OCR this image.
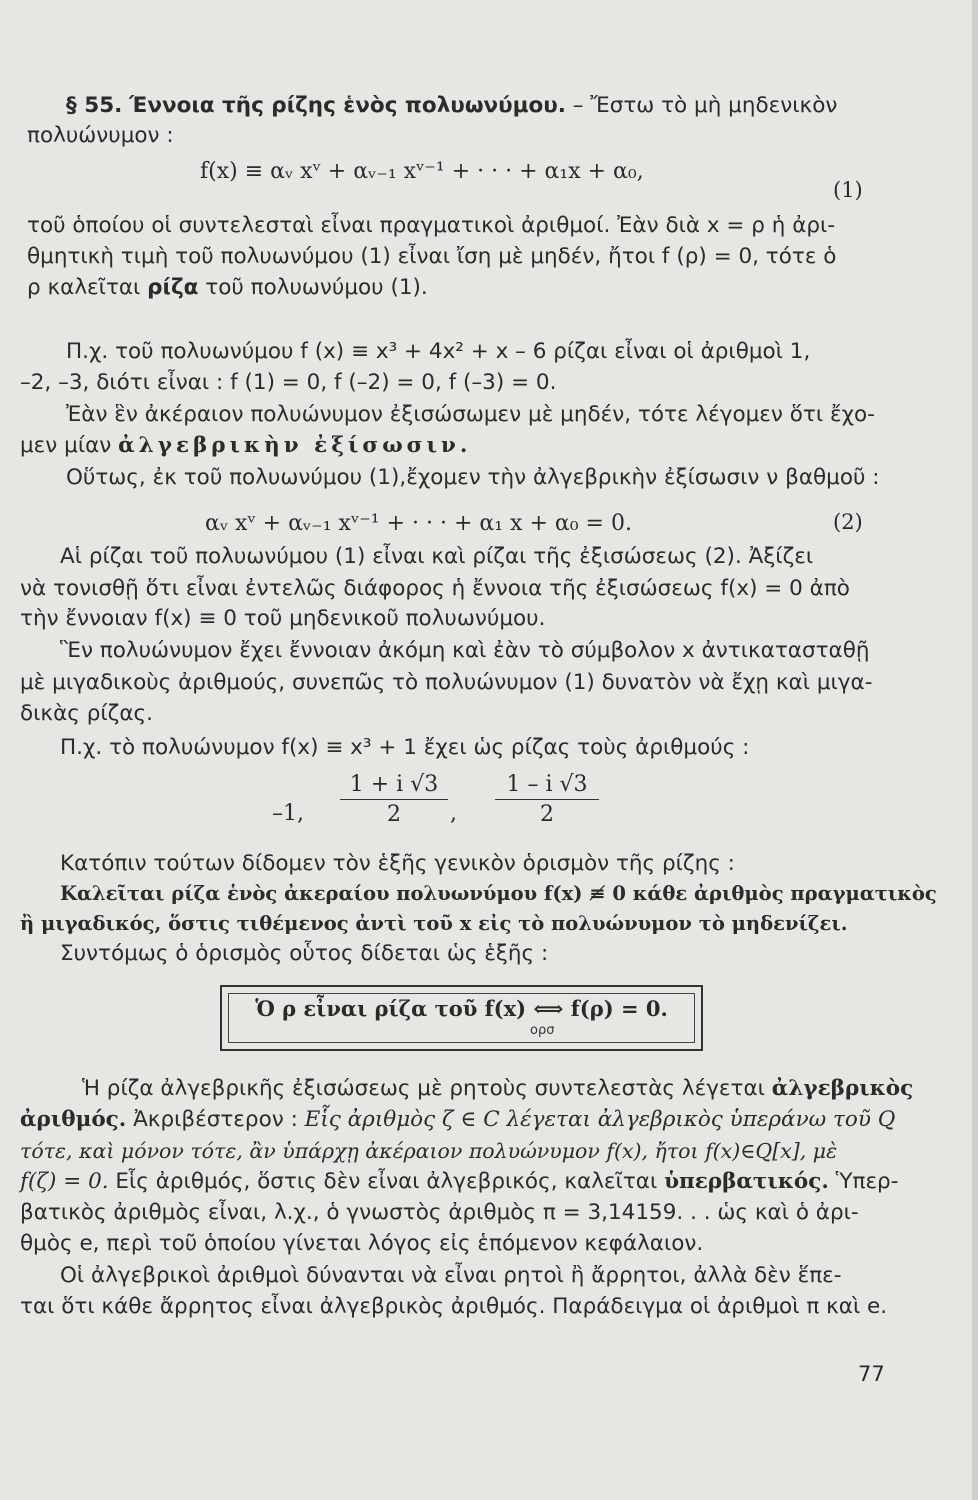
§ 55. Έννοια τῆς ρίζης ἑνὸς πολυωνύμου. – Ἔστω τὸ μὴ μηδενικὸν
πολυώνυμον :
f(x) ≡ αᵥ xᵛ + αᵥ₋₁ xᵛ⁻¹ + · · · + α₁x + α₀,
(1)
τοῦ ὁποίου οἱ συντελεσταὶ εἶναι πραγματικοὶ ἀριθμοί. Ἐὰν διὰ x = ρ ἡ ἀρι-
θμητικὴ τιμὴ τοῦ πολυωνύμου (1) εἶναι ἴση μὲ μηδέν, ἤτοι f (ρ) = 0, τότε ὁ
ρ καλεῖται ρίζα τοῦ πολυωνύμου (1).
Π.χ. τοῦ πολυωνύμου f (x) ≡ x³ + 4x² + x – 6 ρίζαι εἶναι οἱ ἀριθμοὶ 1,
–2, –3, διότι εἶναι : f (1) = 0, f (–2) = 0, f (–3) = 0.
Ἐὰν ἓν ἀκέραιον πολυώνυμον ἐξισώσωμεν μὲ μηδέν, τότε λέγομεν ὅτι ἔχο-
μεν μίαν ἀλγεβρικὴν ἐξίσωσιν.
Οὕτως, ἐκ τοῦ πολυωνύμου (1),ἔχομεν τὴν ἀλγεβρικὴν ἐξίσωσιν ν βαθμοῦ :
αᵥ xᵛ + αᵥ₋₁ xᵛ⁻¹ + · · · + α₁ x + α₀ = 0.	(2)
Αἱ ρίζαι τοῦ πολυωνύμου (1) εἶναι καὶ ρίζαι τῆς ἐξισώσεως (2). Ἀξίζει
νὰ τονισθῇ ὅτι εἶναι ἐντελῶς διάφορος ἡ ἔννοια τῆς ἐξισώσεως f(x) = 0 ἀπὸ
τὴν ἔννοιαν f(x) ≡ 0 τοῦ μηδενικοῦ πολυωνύμου.
Ἓν πολυώνυμον ἔχει ἔννοιαν ἀκόμη καὶ ἐὰν τὸ σύμβολον x ἀντικατασταθῇ
μὲ μιγαδικοὺς ἀριθμούς, συνεπῶς τὸ πολυώνυμον (1) δυνατὸν νὰ ἔχῃ καὶ μιγα-
δικὰς ρίζας.
Π.χ. τὸ πολυώνυμον f(x) ≡ x³ + 1 ἔχει ὡς ρίζας τοὺς ἀριθμούς :
–1,
1 + i √3
2	,
1 – i √3
2
Κατόπιν τούτων δίδομεν τὸν ἑξῆς γενικὸν ὁρισμὸν τῆς ρίζης :
Καλεῖται ρίζα ἑνὸς ἀκεραίου πολυωνύμου f(x) ≢ 0 κάθε ἀριθμὸς πραγματικὸς
ἢ μιγαδικός, ὅστις τιθέμενος ἀντὶ τοῦ x εἰς τὸ πολυώνυμον τὸ μηδενίζει.
Συντόμως ὁ ὁρισμὸς οὗτος δίδεται ὡς ἑξῆς :
Ὁ ρ εἶναι ρίζα τοῦ f(x) ⟺ f(ρ) = 0.
ορσ
Ἡ ρίζα ἀλγεβρικῆς ἐξισώσεως μὲ ρητοὺς συντελεστὰς λέγεται ἀλγεβρικὸς
ἀριθμός. Ἀκριβέστερον : Εἷς ἀριθμὸς ζ ∈ C λέγεται ἀλγεβρικὸς ὑπεράνω τοῦ Q
τότε, καὶ μόνον τότε, ἂν ὑπάρχῃ ἀκέραιον πολυώνυμον f(x), ἤτοι f(x)∈Q[x], μὲ
f(ζ) = 0. Εἷς ἀριθμός, ὅστις δὲν εἶναι ἀλγεβρικός, καλεῖται ὑπερβατικός. Ὑπερ-
βατικὸς ἀριθμὸς εἶναι, λ.χ., ὁ γνωστὸς ἀριθμὸς π = 3,14159. . . ὡς καὶ ὁ ἀρι-
θμὸς e, περὶ τοῦ ὁποίου γίνεται λόγος εἰς ἑπόμενον κεφάλαιον.
Οἱ ἀλγεβρικοὶ ἀριθμοὶ δύνανται νὰ εἶναι ρητοὶ ἢ ἄρρητοι, ἀλλὰ δὲν ἕπε-
ται ὅτι κάθε ἄρρητος εἶναι ἀλγεβρικὸς ἀριθμός. Παράδειγμα οἱ ἀριθμοὶ π καὶ e.
77
